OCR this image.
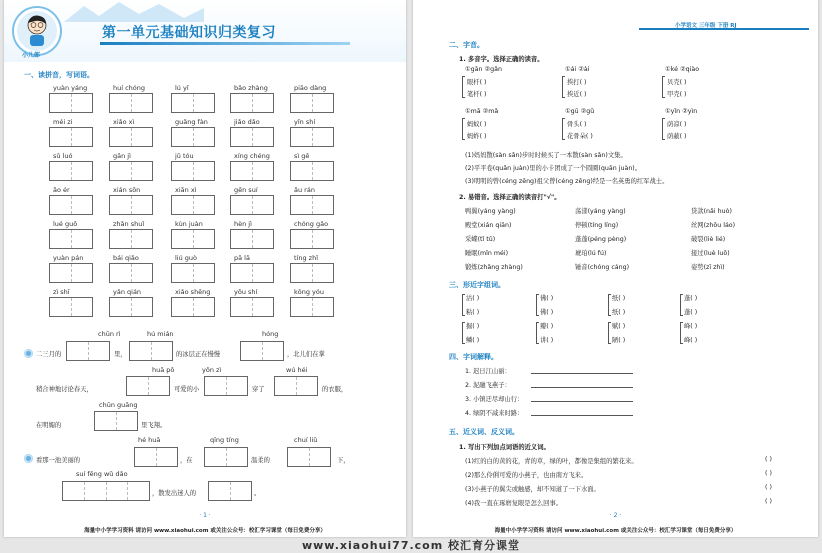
小儿郎
第一单元基础知识归类复习
一、读拼音，写词语。
· 1 ·
海量中小学学习资料 请访问 www.xiaohui.com 或关注公众号：校汇学习课堂（每日免费分享）
yuàn yáng	huí chóng	lú yǐ	bǎo zhàng	piāo dàng
méi zi	xiǎo xì	guǎng fàn	jiǎo dǎo	yǐn shí
sǔ luó	gān jì	jǔ tóu	xíng chéng	sì gē
ǎo ér	xián sōn	xiān xì	gēn suí	ǎu rán
lué guǒ	zhǎn shuǐ	kùn juàn	hèn jì	chóng gǎo
yuàn pán	bái qiǎo	liú guò	pā lā	tíng zhǐ
zì shī	yǎn qián	xiǎo shēng	yōu shí	kōng yóu
chūn rì	hú mián	hóng
二三月的	里，	的冰层正在慢慢	，北儿们在掌
huā pō	yǒn zì	wú héi
稍合神地讨论春天，	可爱的小	穿了	的衣服，
chūn guāng
在明媚的	里飞翔。
hé huā	qīng tíng	chuí liǔ
看那一池美丽的	，在	温柔的	下，
suí fēng wǔ dǎo
，散发出迷人的	。
小学语文 三年级 下册 RJ
二、字音。
1. 多音字。选择正确的读音。
2. 易错音。选择正确的读音打"√"。
三、形近字组词。
四、字词解释。
五、近义词、反义词。
1. 写出下列加点词语的近义词。
· 2 ·
海量中小学学习资料 请访问 www.xiaohui.com 或关注公众号：校汇学习课堂（每日免费分享）
①gān ②gǎn
眼杆( )
笔杆( )
①ái ②ài
挨打( )
挨近( )
①ké ②qiào
贝壳( )
甲壳( )
①mā ②mǎ
蚂蚁( )
蚂蚱( )
①gū ②gǔ
骨头( )
花骨朵( )
①yǐn ②yìn
荫凉( )
荫蔽( )
(1)妈妈散(sàn sǎn)步时时候买了一本散(sàn sǎn)文集。
(2)平平卷(quǎn juàn)里的小卡团成了一个圆圈(quān juàn)。
(3)明明的曾(céng zēng)祖父曾(céng zēng)经是一名英勇的红军战士。
鸭翼(yáng yàng)	荡漾(yáng yàng)	贷款(nǎi huò)
殿堂(xián qiān)	停顿(tíng líng)	丝网(zhōu láo)
采蝶(tǐ tǔ)	蓬蓬(péng pèng)	破裂(liè lié)
睡眠(mǐn méi)	琥珀(lú fú)	接过(luè luō)
锻炼(zhǎng zhàng)	锤音(chóng cáng)	姿势(zī zhì)
沽( )	佛( )	纸( )	蓬( )
粘( )	佛( )	纸( )	蓬( )
掘( )	瓣( )	赋( )	峰( )
鳞( )	讲( )	陋( )	峰( )
1. 迟日江山丽：
2. 泥融飞燕子：
3. 小镇迂尽却山行：
4. 绿阴不减来时路：
(1)红的白的黄的花，青的草，绿的叶，都像是集组的繁花来。	( )
(2)那么伶俐可爱的小燕子，也由南方飞来。	( )
(3)小燕子的翼尖或触感，却不知道了一下水面。	( )
(4)我一直在琢磨复眼是怎么回事。	( )
www.xiaohui77.com 校汇育分课堂
